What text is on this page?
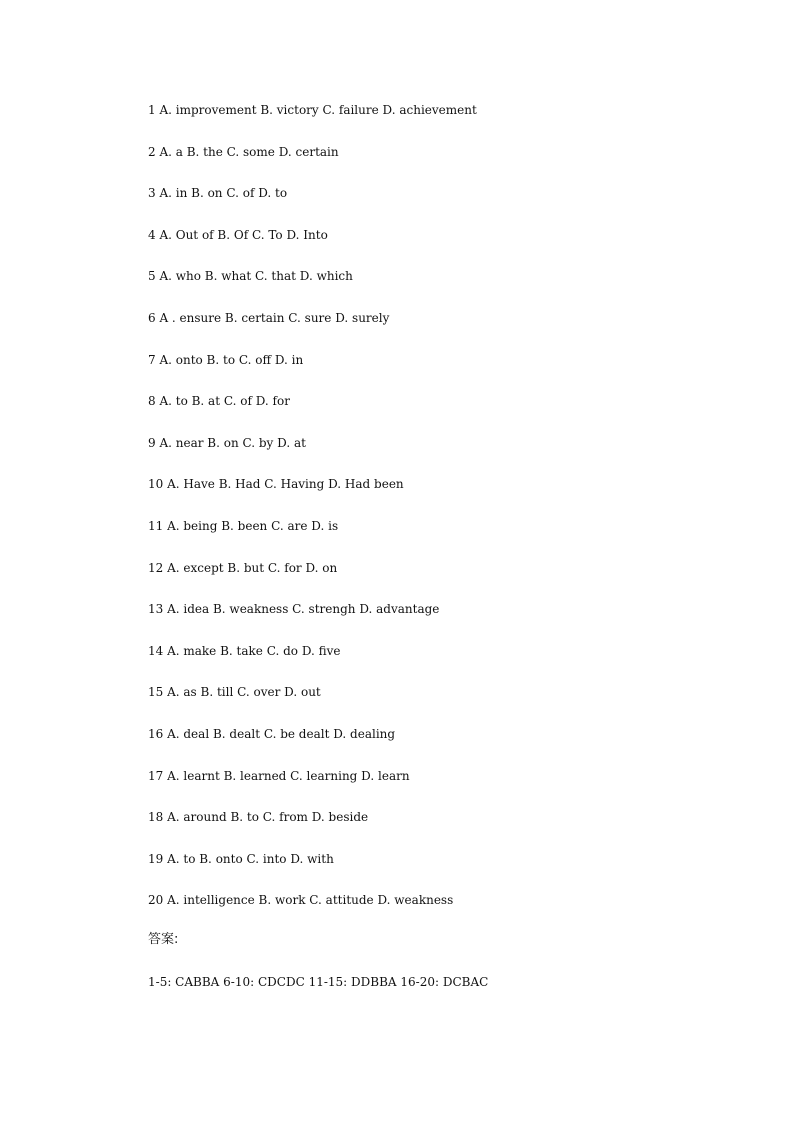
1 A. improvement B. victory C. failure D. achievement
2 A. a B. the C. some D. certain
3 A. in B. on C. of D. to
4 A. Out of B. Of C. To D. Into
5 A. who B. what C. that D. which
6 A . ensure B. certain C. sure D. surely
7 A. onto B. to C. off D. in
8 A. to B. at C. of D. for
9 A. near B. on C. by D. at
10 A. Have B. Had C. Having D. Had been
11 A. being B. been C. are D. is
12 A. except B. but C. for D. on
13 A. idea B. weakness C. strengh D. advantage
14 A. make B. take C. do D. five
15 A. as B. till C. over D. out
16 A. deal B. dealt C. be dealt D. dealing
17 A. learnt B. learned C. learning D. learn
18 A. around B. to C. from D. beside
19 A. to B. onto C. into D. with
20 A. intelligence B. work C. attitude D. weakness
答案:
1-5: CABBA 6-10: CDCDC 11-15: DDBBA 16-20: DCBAC
